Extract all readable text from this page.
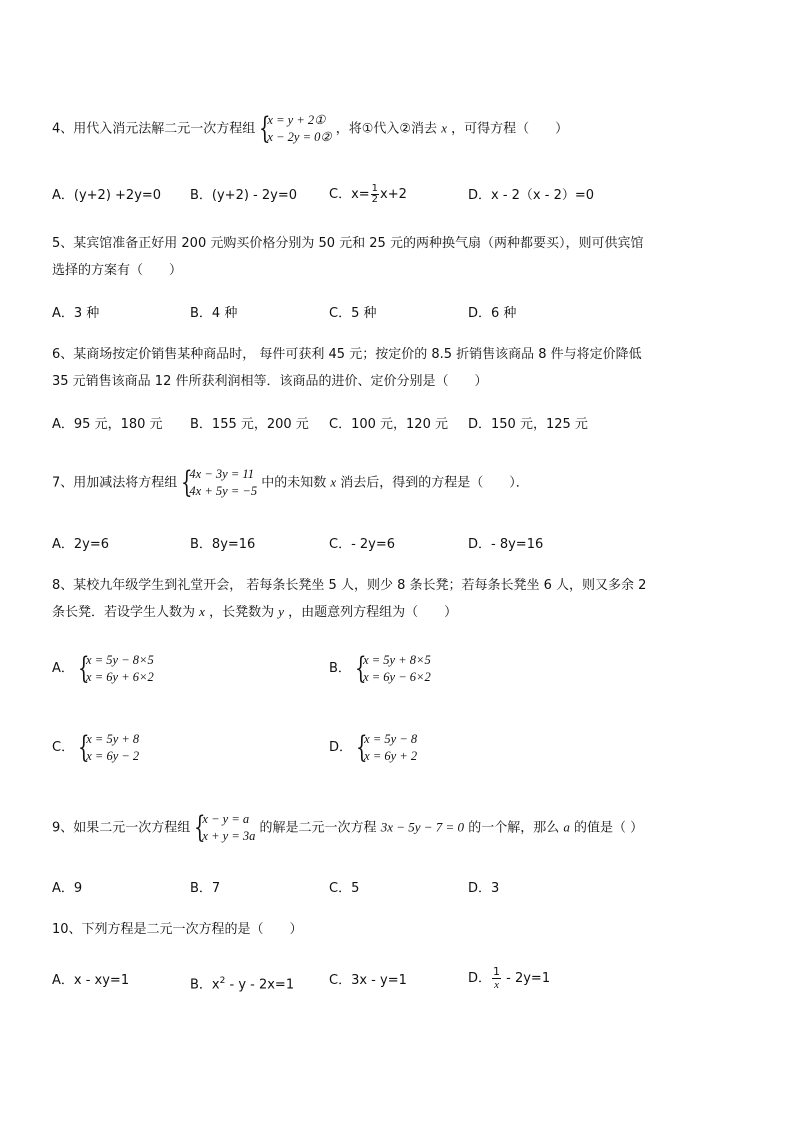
4、用代入消元法解二元一次方程组 {
x = y + 2①
x − 2y = 0②
，将①代入②消去 x ，可得方程（　　）
A．(y+2) +2y=0 B．(y+2) - 2y=0 C．$x= \frac{1}{2} x+2$	D．x - 2（x - 2）=0
5、某宾馆准备正好用 200 元购买价格分别为 50 元和 25 元的两种换气扇（两种都要买），则可供宾馆
选择的方案有（　　）
A．3 种	B．4 种	C．5 种	D．6 种
6、某商场按定价销售某种商品时， 每件可获利 45 元；按定价的 8.5 折销售该商品 8 件与将定价降低
35 元销售该商品 12 件所获利润相等．该商品的进价、定价分别是（　　）
A．95 元，180 元 B．155 元，200 元 C．100 元，120 元 D．150 元，125 元
7、用加减法将方程组 {
4x − 3y = 11
4x + 5y = −5
中的未知数 x 消去后，得到的方程是（　　）．
A．2y=6	B．8y=16	C．- 2y=6	D．- 8y=16
8、某校九年级学生到礼堂开会， 若每条长凳坐 5 人，则少 8 条长凳；若每条长凳坐 6 人，则又多余 2
条长凳．若设学生人数为 x ，长凳数为 y ，由题意列方程组为（　　）
A． {
x = 5y − 8×5
x = 6y + 6×2
B． {
x = 5y + 8×5
x = 6y − 6×2
C． {
x = 5y + 8
x = 6y − 2
D． {
x = 5y − 8
x = 6y + 2
9、如果二元一次方程组 {
x − y = a
x + y = 3a
的解是二元一次方程 3x − 5y − 7 = 0 的一个解，那么 a 的值是（ ）
A．9	B．7	C．5	D．3
10、下列方程是二元一次方程的是（　　）
A．x - xy=1	B．$x^2 - y - 2x=1$	C．3x - y=1	D． $\frac{1}{x} - 2y=1$
